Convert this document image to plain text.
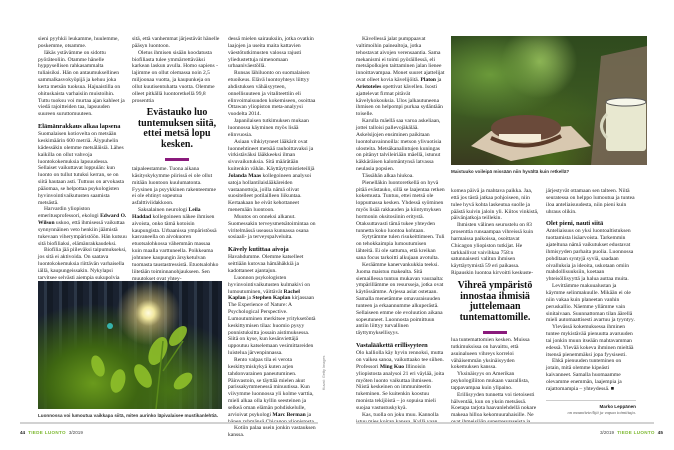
sieni pyyhkii leukamme, huulemme, poskemme, otsamme.

Iäkäs ystävämme on sidottu pyöräteoliin. Otamme hänelle hyppysellisen rahkasammalta tuliaisiksi. Hän on antaumuksellinen sammalkasvokyöpijä ja kehuu joka kerta metsän tuoksua. Hajuaistilla on ohituskaista varhaisiin muistoihin. Tuttu tuoksu voi murtaa ajan kahleet ja viedä rajoitteiden taa, lapsuuden suureen suruttomuuteen.

Elämänrakkaus alkaa lapsena

Suomalaisen kotiovelta on metsään keskimäärin 600 metriä. Älypuhelin kädessäkin olemme metsäläisiä. Lähes kaikilla on ollut vahvoja luontokokemuksia lapsuudessa. Sellaiset vaikuttavat loppuiän: kun luonto on tullut tutuksi kerran, se on siitä hautaan asti. Tuttuus on arvokasta pääomaa, se helpottaa psykologisten hyvinvointivaikutusten saamista metsästä.

Harvardin yliopiston emeritusprofessori, ekologi Edward O. Wilson uskoo, että ihmisessä vaikuttaa synnynnäinen veto henkiin jäämistä tukevaan viherympäristöön. Hän kutsuu sitä biofiliaksi, elämänrakkaudeksi.

Biofilia jää piileväksi taipumukseksi, jos sitä ei aktivoida. On saatava luontokokemuksia riittävän varhaisella iällä, kaupungeissakin. Nykylapsi tarvitsee selvästi aiempia sukupolvia

sitä, että vanhemmat järjestävät hänelle pääsyn luontoon.

Oletus ihmisen sisään koodatusta biofiliasta tulee ymmärrettäväksi karkean laskun avulla. Homo sapiens -lajimme on ollut olemassa noin 2,5 miljoonaa vuotta, ja kaupunkeja on ollut kuutisentuhatta vuotta. Olemme olleet pitkällä luontoretkellä 99,8 prosenttia

Evästauko luo tuntemuksen siitä, ettei metsä lopu kesken.

taipaleestamme. Tuona aikana käsityskykymme piirissä ei ole ollut mitään luontoon kuulumatonta. Fyysinen ja psyykkinen rakenteemme ei ole ehtinyt sopeutua asfalttiviidakkoon.

Saksalainen neurologi Leila Haddad kollegoineen näkee ihmisen aivoista, onko tämä kotoisin kaupungista. Urbaanissa ympäristössä kasvaneella on aivokuoren etuotsalohkossa vähemmän massaa kuin maalla varttuneella. Poikkeama johtunee kaupungin ärsyketulvan tuomasta taustastressistä. Etuotsalohko liitetään toiminnanohjaukseen. Sen muutokset ovat yhtey-

dessä mielen sairauksiin, jotka ovatkin laajojen ja useita maita kattavien väestötutkimusten valossa rajusti yliedustettuja nimenomaan urbaaniväestöllä.

Runsas lähiluonto on suomalaisen etuoikeus. Elävä luontoyhteys liittyy ahdistuksen vähäisyyteen, onnellisuuteen ja vitaliteettiin eli elinvoimaisuuden kokemiseen, osoittaa Ottawan yliopiston meta-analyysi vuodelta 2014.

Japanilaisen tutkimuksen mukaan luonnossa käyminen myös lisää elinvuosia.

Asiaan vihkiytyneet lääkärit ovat luonnehtineet metsää rauhoittavaksi ja virkistäväksi lääkkeeksi ilman sivuvaikutuksia. Sitä määrätään kuitenkin vähän. Käyttäytymistieteilijä Jolanda Maas kollegoineen analysoi satoja hollantilaislääkäreiden vastaanottoja, joilla nämä olivat suositelleet potilailleen liikuntaa. Kertaakaan he eivät kehottaneet menemään luontoon.

Muutos on onneksi alkanut. Suomessakin terveysmetsätoimintaa on viritelmässä useassa kunnassa osana sosiaali- ja terveyspalveluita.

Kävely kutittaa aivoja

Havahdumme. Olemme katselleet seittiään kutovaa hämähäkkiä ja kadottaneet ajantajun.

Luonnon psykologisten hyvinvointivaikutusten kulmakivi on lumoutuminen, väittävät Rachel Kaplan ja Stephen Kaplan kirjassaan The Experience of Nature: A Psychological Perspective. Lumoutuminen merkitsee yrityksetöntä keskittymisen tilaa: huomio pysyy ponnistuksitta jossain aistimuksessa. Siitä on kyse, kun kesänviettäjä uppoutuu katselemaan vesimittareiden luistelua järvenpinnassa.

Rento valpas tila ei verota keskittymiskykyä kuten arjen tahdonvarainen paneutuminen. Päinvastoin, se täyttää mielen akut parissakymmenessä minuutissa. Kun viivymme luonnossa yli kolme varttia, mieli alkaa olla kyllin seesteinen ja selkeä oman elämän pohdiskelulle, arvioivat psykologi Marc Berman ja

Kotiin palaa usein jonkin vastauksen kanssa.

Luonnossa voi lumoutua vaikkapa siitä, miten aurinko läpivalaisee mustikanlehtiä.
Kuvat: Getty Images
44 TIEDE LUONTO 3/2019

Kävellessä jalat pumppaavat valtimoihin painealtoja, jotka tehostavat aivojen verensaantia. Sama mekanismi ei toimi pyöräillessä, eli metsäpolkujen taittaminen jalan lienee innoittavampaa. Monet suuret ajattelijat ovat olleet kovia kävelijöitä. Platon ja Aristoteles opettivat kävellen. Isosti ajattelevat firmat pitävät kävelykokouksia. Ulos jalkautuneena ihmisen on helpompi purkaa sydäntään toiselle.

Karulla mäellä saa varoa askeliaan, jottei talloisi pallevojäkälää. Askelsijojen ensiminen paikitaan luontohavainnoilla: metson ylivuotisia ulosteita. Metsäkanalintujen kuningas on pitänyt talvileiriään mäellä, istunut käkkäräisen kalomäntynsä latvassa neulasia popsien.

Tässähän alkaa hiukoa.

Pienelläkin luontoretkellä on hyvä pitää evästauko, sillä se laajentaa retken kokemusta. Tuntuu, ettei metsä ole loppumassa kesken. Yhdessä syöminen myös lisää rakkauden ja kiintymyksen hormonin oksitosiinin eritystä. Otaksuttavasti tämä tukee yhteyden tunnetta koko luontoa kohtaan.

Sytytämme tulen risukeittimeen. Tuli on tehokkaimpia lumoutumisen lähteitä. Ei ole sattuma, että kreikan sana focus tarkoitti alkujaan avotulta.

Keräämme kanervankukkia teeksi. Juoma maistuu makealta. Sitä siemaillessa tuntuu mukavan vauraalta: ympärillämme on resursseja, jotka ovat käytössämme. Arjessa asiat ostetaan. Samalla menetämme omavaraisuuden tunteen ja erkaannumme alkuperästä. Sellaiseen emme ole evoluution aikana sopeutuneet. Luonnosta poimittuun antiin liittyy turvallinen täyttymyksellisyys.

Vastalääkettä erillisyyteen

Olo kalliolla käy hyvin rennoksi, mutta on vaikea sanoa, vaikuttaako tee siihen. Professori Ming Kuo Illinoisin yliopistosta analysoi 21 eri väylää, joita myöten luonto vaikuttaa ihmiseen. Niistä keskeinen on immuniteetin tukeminen. Se kuitenkin koostuu monista tekijöistä – jo sopuisa mieli suojaa vastustuskykyä.

Kas, tuolla on joku muu. Kannolla

Maistuuko voileipä missään niin hyvältä kuin retkellä?

komea päivä ja mahtava paikka. Jaa, että jos tästä jatkaa pohjoiseen, niin tulee hyvä kohta laskeutua suolle ja päästä kuivin jaloin yli. Kiitos vinkistä, päivänjatkoja teillekin.

Ihmisten välinen seurustelu on 83 prosenttia runsaampaa vihreissä kuin harmaissa paikoissa, osoittavat Chicagon yliopiston tutkijat. He tarkkailivat vaivihkaa 758:n satunnaisesti valitun ihmisen käyttäytymistä 59 eri paikassa. Ripauskin luontoa kirvoitti keskuste-

Vihreä ympäristö innostaa ihmisiä juttelemaan tuntemattomille.

lua tuntemattomien kesken. Muissa tutkimuksissa on havaittu, että asuinalueen vihreys korreloi vähäisemmän yksinäisyyden kokemuksen kanssa.

Yksinäisyys on Amerikan psykologiliiton mukaan vaarallista, tappavampaa kuin ylipaino.

Erillisyyden tunnetta voi tietoisesti hälventää, kun on yksin metsässä. Koetapa tarjota haavanlehdellä nokare makeaa hilloa kekomuurahaisille. Ne

järjestyvät ottamaan sen talteen. Niitä seuratessa on helppo lumoutua ja tuntea iloa anteliaisuudesta, niin pieni kuin uhraus olikin.

Olet pieni, nauti siitä

Anteliaisuus on yksi luontoaltistuksen tuottamista lisäarvoista. Tarkemmin ajateltuna nämä vaikutukset edustavat ihmisyyden parhaita puolia. Luonnossa pohditaan syntyjä syviä, saadaan oivalluksia ja ideoita, uskotaan omiin mahdollisuuksiin, koetaan yhteisöllisyyttä ja halua auttaa muita.

Levittämme makuualustan ja käymme selinmakuulle. Mikään ei ole niin vakaa kuin planeetan vanhin peruskallio. Näemme yllämme vain sinitaivaan. Suunnattoman tilan äärellä mieli automaattisesti avartuu ja tyyntyy.

Ylevässä kokemuksessa ihminen tuntee mykistävää pienuutta avaruuden tai jonkin muun itseään mahtavamman edessä. Ylevää kokeva ihminen mieltää itsensä pienemmäksi jopa fyysisesti.

Ehkä pienuuden tunteminen on jotain, mitä olemme kipeästi kaivanneet. Samalla huomaamme olevamme enemmän, laajempia ja rajattomampia – yhteydessä. ■

Marko Leppänen
on maantieteilijä ja vapaa toimittaja.
3/2019 TIEDE LUONTO 45
